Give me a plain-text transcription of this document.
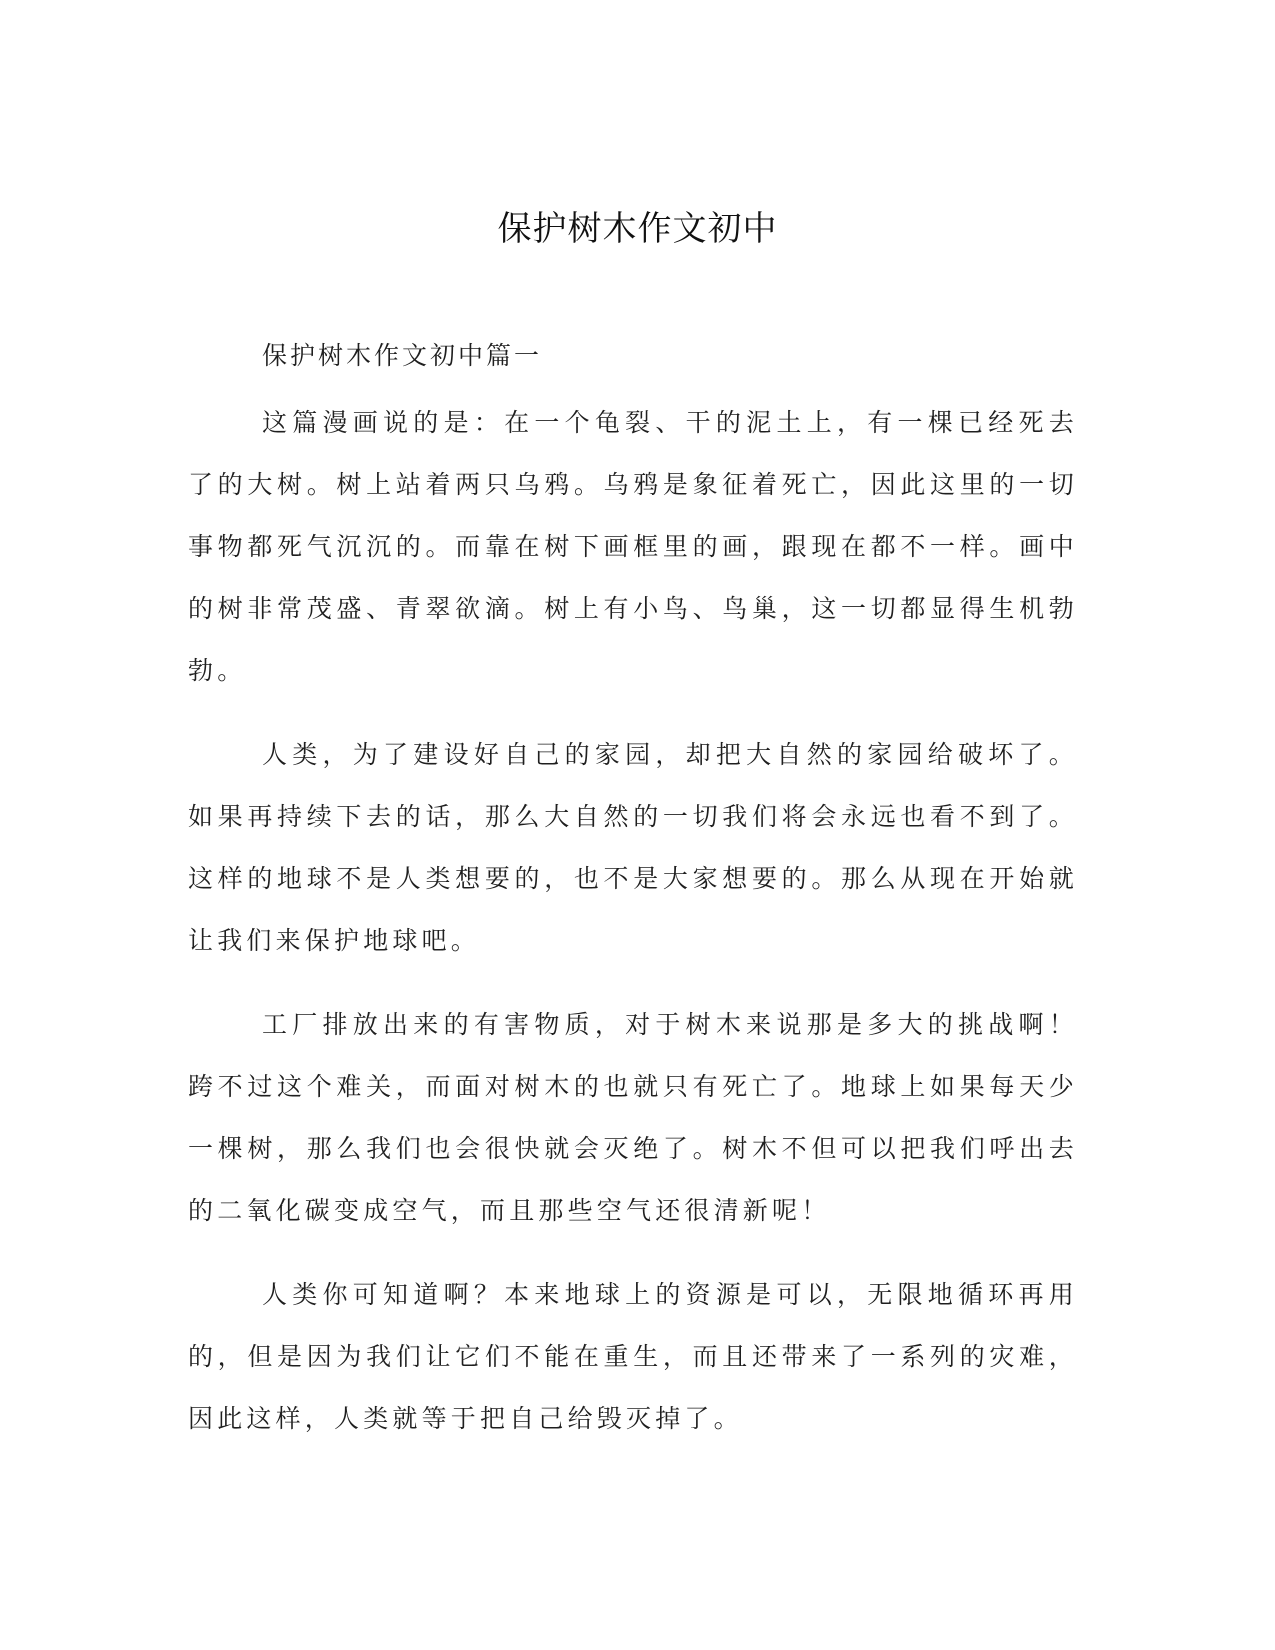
保护树木作文初中
保护树木作文初中篇一

这篇漫画说的是：在一个龟裂、干的泥土上，有一棵已经死去了的大树。树上站着两只乌鸦。乌鸦是象征着死亡，因此这里的一切事物都死气沉沉的。而靠在树下画框里的画，跟现在都不一样。画中的树非常茂盛、青翠欲滴。树上有小鸟、鸟巢，这一切都显得生机勃勃。

人类，为了建设好自己的家园，却把大自然的家园给破坏了。如果再持续下去的话，那么大自然的一切我们将会永远也看不到了。这样的地球不是人类想要的，也不是大家想要的。那么从现在开始就让我们来保护地球吧。

工厂排放出来的有害物质，对于树木来说那是多大的挑战啊！跨不过这个难关，而面对树木的也就只有死亡了。地球上如果每天少一棵树，那么我们也会很快就会灭绝了。树木不但可以把我们呼出去的二氧化碳变成空气，而且那些空气还很清新呢！

人类你可知道啊？本来地球上的资源是可以，无限地循环再用的，但是因为我们让它们不能在重生，而且还带来了一系列的灾难，因此这样，人类就等于把自己给毁灭掉了。
